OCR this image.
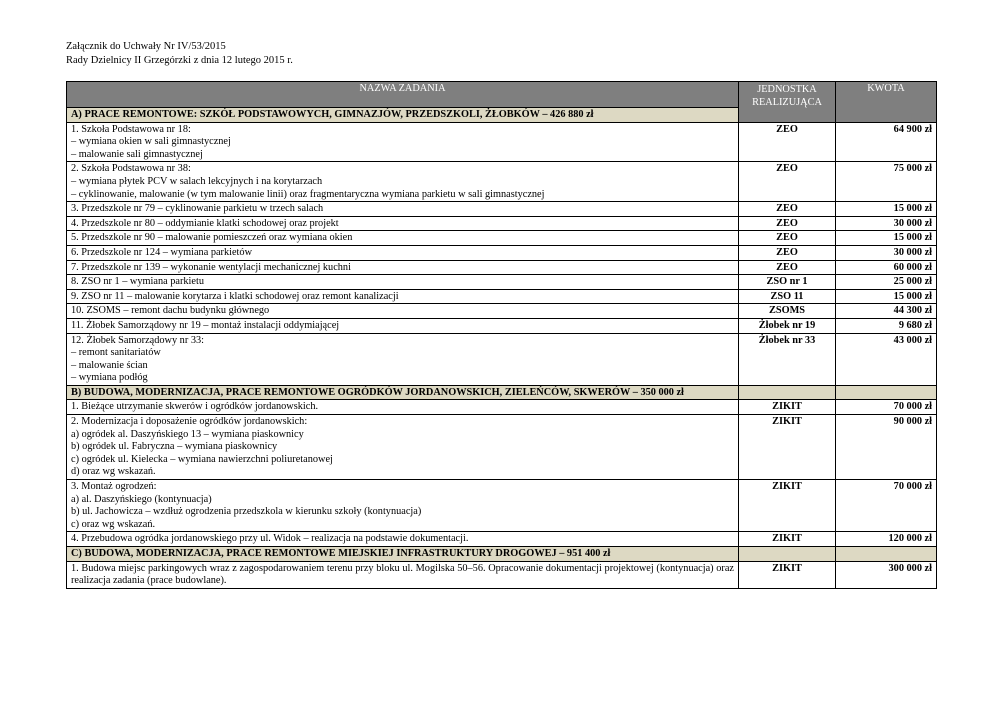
Załącznik do Uchwały Nr IV/53/2015
Rady Dzielnicy II Grzegórzki z dnia 12 lutego 2015 r.
NAZWA ZADANIA	JEDNOSTKA REALIZUJĄCA	KWOTA
A) PRACE REMONTOWE: SZKÓŁ PODSTAWOWYCH, GIMNAZJÓW, PRZEDSZKOLI, ŻŁOBKÓW – 426 880 zł		

1. Szkoła Podstawowa nr 18:
– wymiana okien w sali gimnastycznej
– malowanie sali gimnastycznej	ZEO	64 900 zł

2. Szkoła Podstawowa nr 38:
– wymiana płytek PCV w salach lekcyjnych i na korytarzach
– cyklinowanie, malowanie (w tym malowanie linii) oraz fragmentaryczna wymiana parkietu w sali gimnastycznej	ZEO	75 000 zł

3. Przedszkole nr 79 – cyklinowanie parkietu w trzech salach	ZEO	15 000 zł

4. Przedszkole nr 80 – oddymianie klatki schodowej oraz projekt	ZEO	30 000 zł

5. Przedszkole nr 90 – malowanie pomieszczeń oraz wymiana okien	ZEO	15 000 zł

6. Przedszkole nr 124 – wymiana parkietów	ZEO	30 000 zł

7. Przedszkole nr 139 – wykonanie wentylacji mechanicznej kuchni	ZEO	60 000 zł

8. ZSO nr 1 – wymiana parkietu	ZSO nr 1	25 000 zł

9. ZSO nr 11 – malowanie korytarza i klatki schodowej oraz remont kanalizacji	ZSO 11	15 000 zł

10. ZSOMS – remont dachu budynku głównego	ZSOMS	44 300 zł

11. Żłobek Samorządowy nr 19 – montaż instalacji oddymiającej	Żłobek nr 19	9 680 zł

12. Żłobek Samorządowy nr 33:
– remont sanitariatów
– malowanie ścian
– wymiana podłóg	Żłobek nr 33	43 000 zł
B) BUDOWA, MODERNIZACJA, PRACE REMONTOWE OGRÓDKÓW JORDANOWSKICH, ZIELEŃCÓW, SKWERÓW – 350 000 zł		

1. Bieżące utrzymanie skwerów i ogródków jordanowskich.	ZIKIT	70 000 zł

2. Modernizacja i doposażenie ogródków jordanowskich:
a) ogródek al. Daszyńskiego 13 – wymiana piaskownicy
b) ogródek ul. Fabryczna – wymiana piaskownicy
c) ogródek ul. Kielecka – wymiana nawierzchni poliuretanowej
d) oraz wg wskazań.	ZIKIT	90 000 zł

3. Montaż ogrodzeń:
a) al. Daszyńskiego (kontynuacja)
b) ul. Jachowicza – wzdłuż ogrodzenia przedszkola w kierunku szkoły (kontynuacja)
c) oraz wg wskazań.	ZIKIT	70 000 zł

4. Przebudowa ogródka jordanowskiego przy ul. Widok – realizacja na podstawie dokumentacji.	ZIKIT	120 000 zł
C) BUDOWA, MODERNIZACJA, PRACE REMONTOWE MIEJSKIEJ INFRASTRUKTURY DROGOWEJ – 951 400 zł		

1. Budowa miejsc parkingowych wraz z zagospodarowaniem terenu przy bloku ul. Mogilska 50–56. Opracowanie dokumentacji projektowej (kontynuacja) oraz realizacja zadania (prace budowlane).	ZIKIT	300 000 zł
